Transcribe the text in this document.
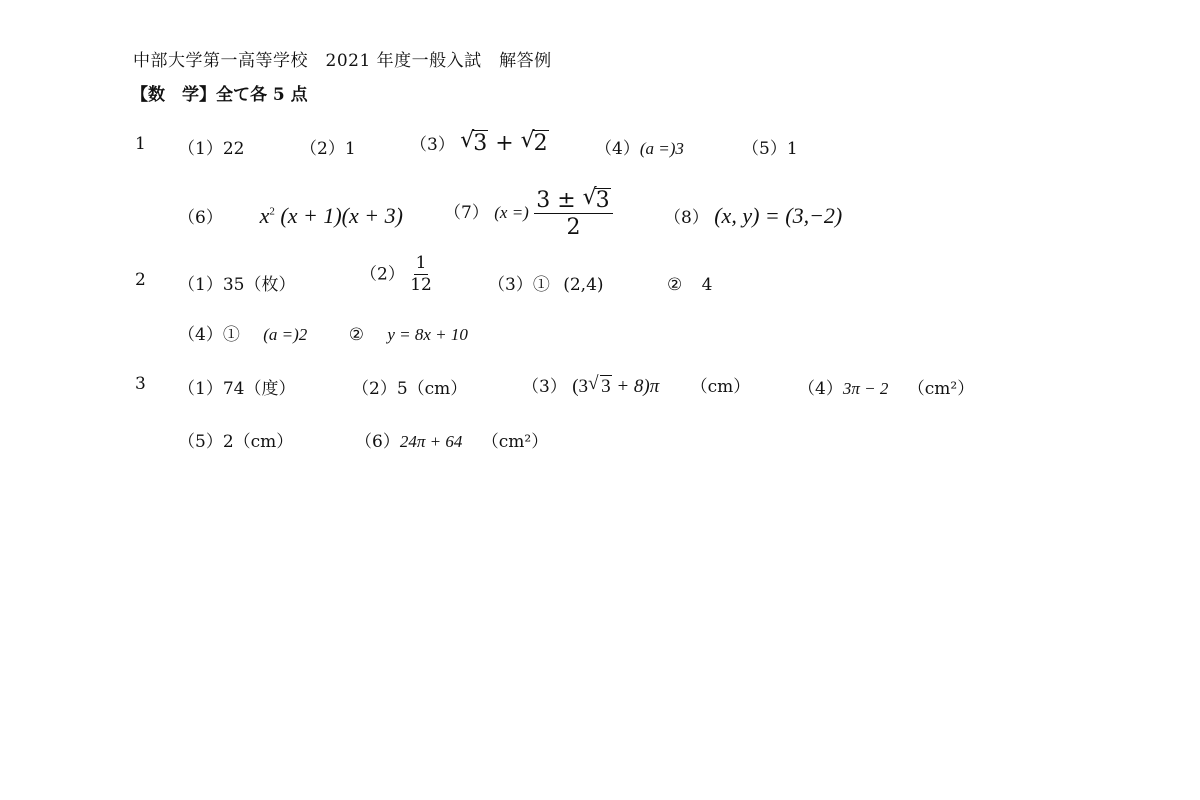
中部大学第一高等学校　2021 年度一般入試　解答例
【数　学】全て各 5 点
1 （1）22	（2）1	（3） √
3 + √
2	（4）(a =)3	（5）1
（6） $x^2$ (x + 1)(x + 3) （7） (x =) 3 ± √
3
2	（8） (x, y) = (3,−2)
2 （1）35（枚）
$(2) \frac{1}{12}$	（3）① (2,4)	② 4
（4）① (a =)2 ② y = 8x + 10
3 （1）74（度）	（2）5（cm）	（3） (3 √ 3 + 8)π （cm）	（4）3π − 2 （cm²）
（5）2（cm）	（6）24π + 64 （cm²）
